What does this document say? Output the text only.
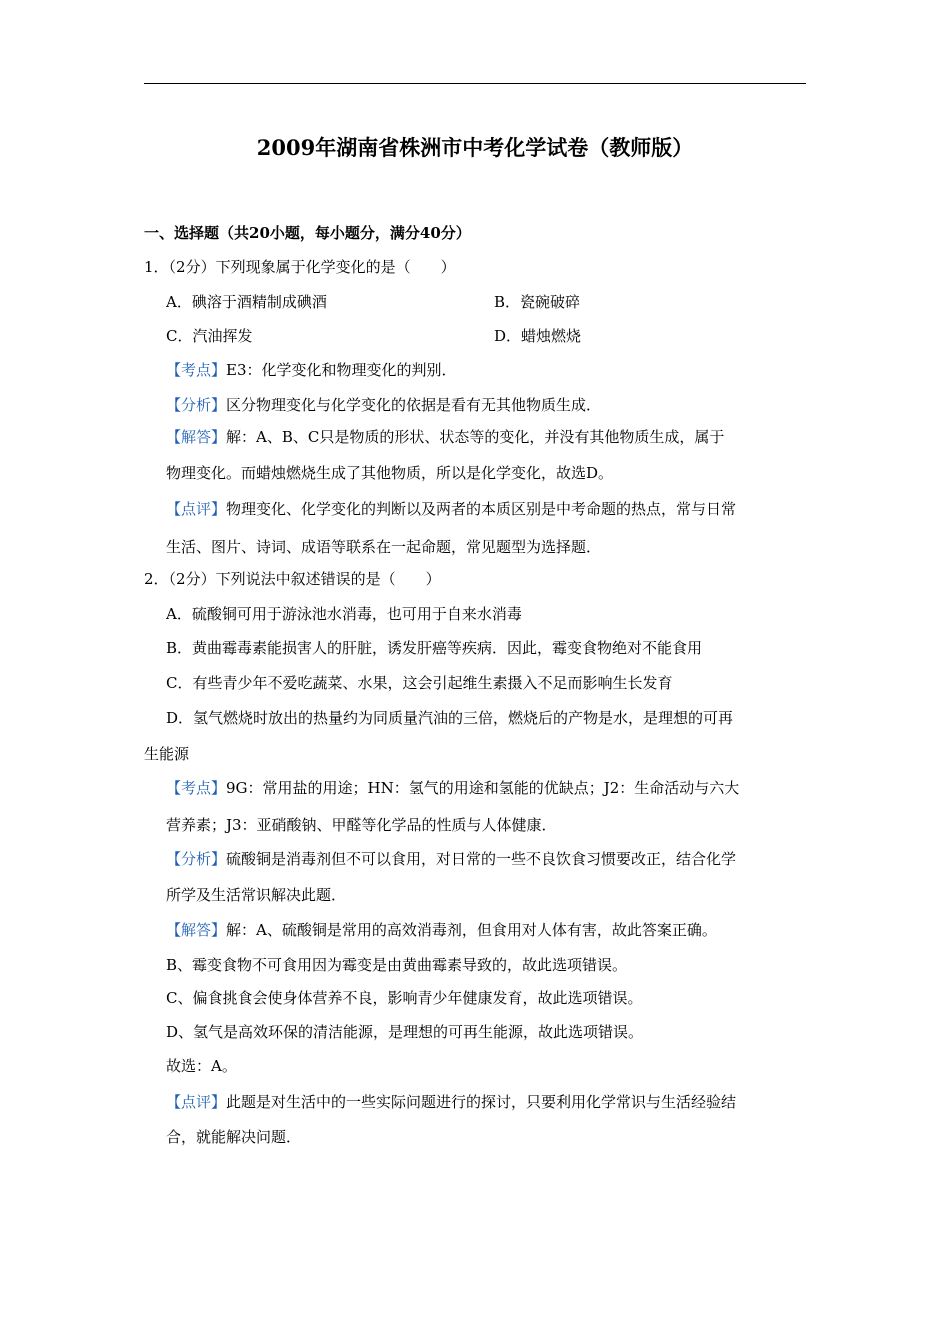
2009年湖南省株洲市中考化学试卷（教师版）
一、选择题（共20小题，每小题分，满分40分）
1．（2分）下列现象属于化学变化的是（　　）
A．碘溶于酒精制成碘酒	B．瓷碗破碎
C．汽油挥发	D．蜡烛燃烧
【考点】E3：化学变化和物理变化的判别．
【分析】区分物理变化与化学变化的依据是看有无其他物质生成．
【解答】解：A、B、C只是物质的形状、状态等的变化，并没有其他物质生成，属于
物理变化。而蜡烛燃烧生成了其他物质，所以是化学变化，故选D。
【点评】物理变化、化学变化的判断以及两者的本质区别是中考命题的热点，常与日常
生活、图片、诗词、成语等联系在一起命题，常见题型为选择题．
2．（2分）下列说法中叙述错误的是（　　）
A．硫酸铜可用于游泳池水消毒，也可用于自来水消毒
B．黄曲霉毒素能损害人的肝脏，诱发肝癌等疾病．因此，霉变食物绝对不能食用
C．有些青少年不爱吃蔬菜、水果，这会引起维生素摄入不足而影响生长发育
D．氢气燃烧时放出的热量约为同质量汽油的三倍，燃烧后的产物是水，是理想的可再
生能源
【考点】9G：常用盐的用途；HN：氢气的用途和氢能的优缺点；J2：生命活动与六大
营养素；J3：亚硝酸钠、甲醛等化学品的性质与人体健康．
【分析】硫酸铜是消毒剂但不可以食用，对日常的一些不良饮食习惯要改正，结合化学
所学及生活常识解决此题．
【解答】解：A、硫酸铜是常用的高效消毒剂，但食用对人体有害，故此答案正确。
B、霉变食物不可食用因为霉变是由黄曲霉素导致的，故此选项错误。
C、偏食挑食会使身体营养不良，影响青少年健康发育，故此选项错误。
D、氢气是高效环保的清洁能源，是理想的可再生能源，故此选项错误。
故选：A。
【点评】此题是对生活中的一些实际问题进行的探讨，只要利用化学常识与生活经验结
合，就能解决问题．
